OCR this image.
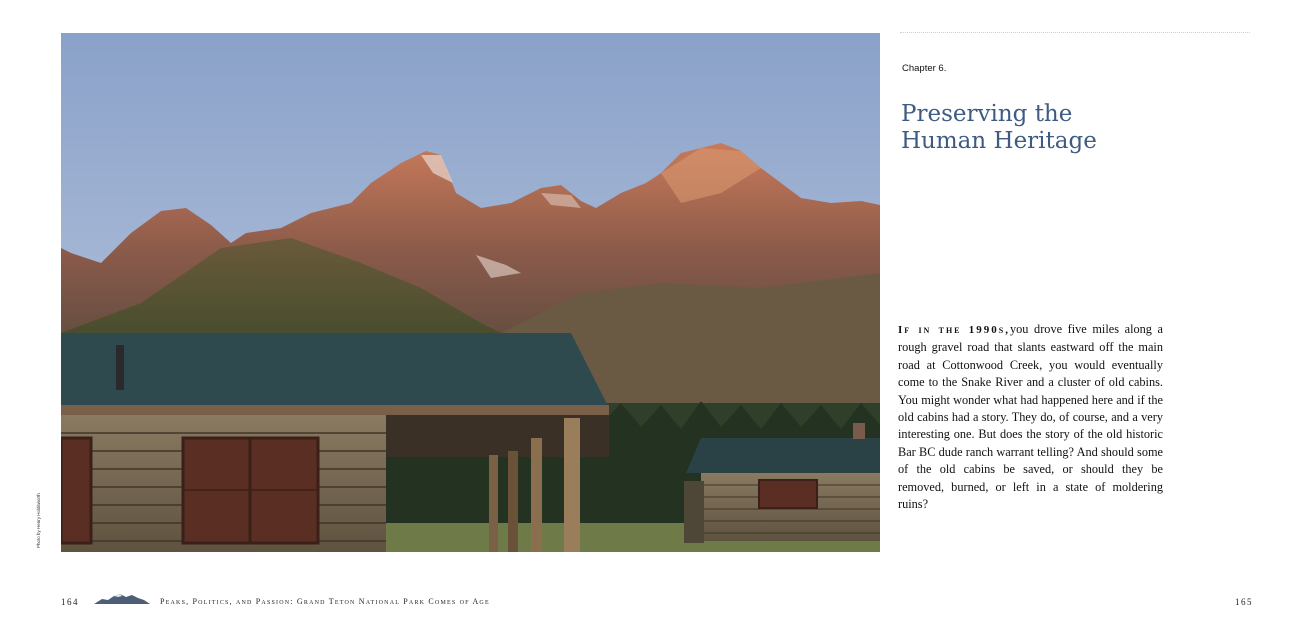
Photo by Henry Holdsworth
Chapter 6.
Preserving the
Human Heritage
If in the 1990s,you drove five miles along a rough gravel road that slants eastward off the main road at Cottonwood Creek, you would eventually come to the Snake River and a cluster of old cabins. You might wonder what had happened here and if the old cabins had a story. They do, of course, and a very interesting one. But does the story of the old historic Bar BC dude ranch warrant telling? And should some of the old cabins be saved, or should they be removed, burned, or left in a state of moldering ruins?
164	Peaks, Politics, and Passion: Grand Teton National Park Comes of Age	165
